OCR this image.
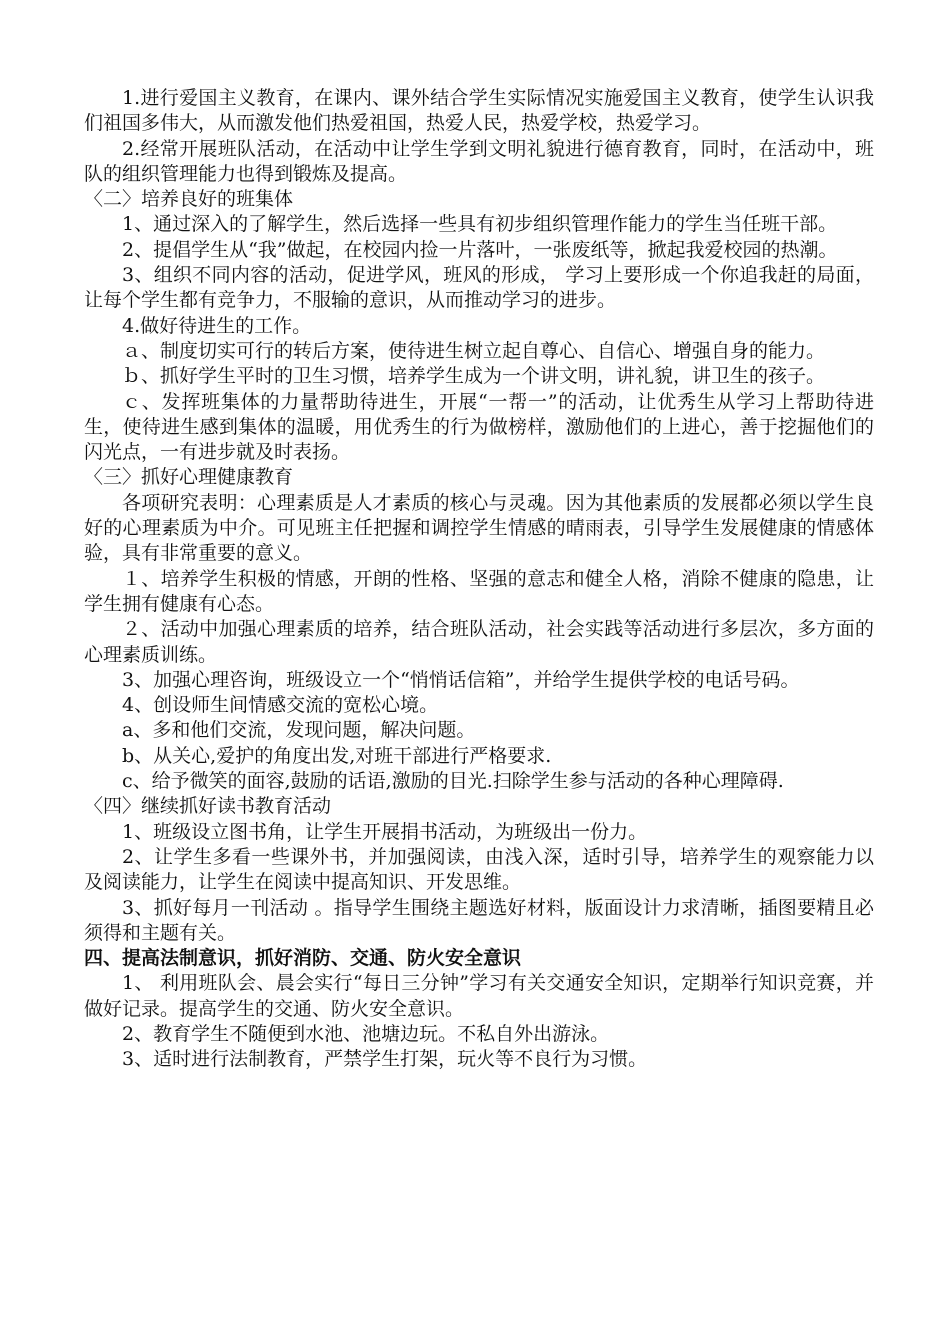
1.进行爱国主义教育，在课内、课外结合学生实际情况实施爱国主义教育，使学生认识我们祖国多伟大，从而激发他们热爱祖国，热爱人民，热爱学校，热爱学习。

2.经常开展班队活动，在活动中让学生学到文明礼貌进行德育教育，同时，在活动中，班队的组织管理能力也得到锻炼及提高。

〈二〉培养良好的班集体

1、通过深入的了解学生，然后选择一些具有初步组织管理作能力的学生当任班干部。

2、提倡学生从“我”做起，在校园内捡一片落叶，一张废纸等，掀起我爱校园的热潮。

3、组织不同内容的活动，促进学风，班风的形成， 学习上要形成一个你追我赶的局面，让每个学生都有竞争力，不服输的意识，从而推动学习的进步。

4.做好待进生的工作。

ａ、制度切实可行的转后方案，使待进生树立起自尊心、自信心、增强自身的能力。

ｂ、抓好学生平时的卫生习惯，培养学生成为一个讲文明，讲礼貌，讲卫生的孩子。

ｃ、发挥班集体的力量帮助待进生，开展“一帮一”的活动，让优秀生从学习上帮助待进生，使待进生感到集体的温暖，用优秀生的行为做榜样，激励他们的上进心，善于挖掘他们的闪光点，一有进步就及时表扬。

〈三〉抓好心理健康教育

各项研究表明：心理素质是人才素质的核心与灵魂。因为其他素质的发展都必须以学生良好的心理素质为中介。可见班主任把握和调控学生情感的晴雨表，引导学生发展健康的情感体验，具有非常重要的意义。

１、培养学生积极的情感，开朗的性格、坚强的意志和健全人格，消除不健康的隐患，让学生拥有健康有心态。

２、活动中加强心理素质的培养，结合班队活动，社会实践等活动进行多层次，多方面的心理素质训练。

3、加强心理咨询，班级设立一个“悄悄话信箱”，并给学生提供学校的电话号码。

4、创设师生间情感交流的宽松心境。

a、多和他们交流，发现问题，解决问题。

b、从关心,爱护的角度出发,对班干部进行严格要求.

c、给予微笑的面容,鼓励的话语,激励的目光.扫除学生参与活动的各种心理障碍.

〈四〉继续抓好读书教育活动

1、班级设立图书角，让学生开展捐书活动，为班级出一份力。

2、让学生多看一些课外书，并加强阅读，由浅入深，适时引导，培养学生的观察能力以及阅读能力，让学生在阅读中提高知识、开发思维。

3、抓好每月一刊活动 。指导学生围绕主题选好材料，版面设计力求清晰，插图要精且必须得和主题有关。

四、提高法制意识，抓好消防、交通、防火安全意识

1、 利用班队会、晨会实行“每日三分钟”学习有关交通安全知识，定期举行知识竞赛，并做好记录。提高学生的交通、防火安全意识。

2、教育学生不随便到水池、池塘边玩。不私自外出游泳。

3、适时进行法制教育，严禁学生打架，玩火等不良行为习惯。
